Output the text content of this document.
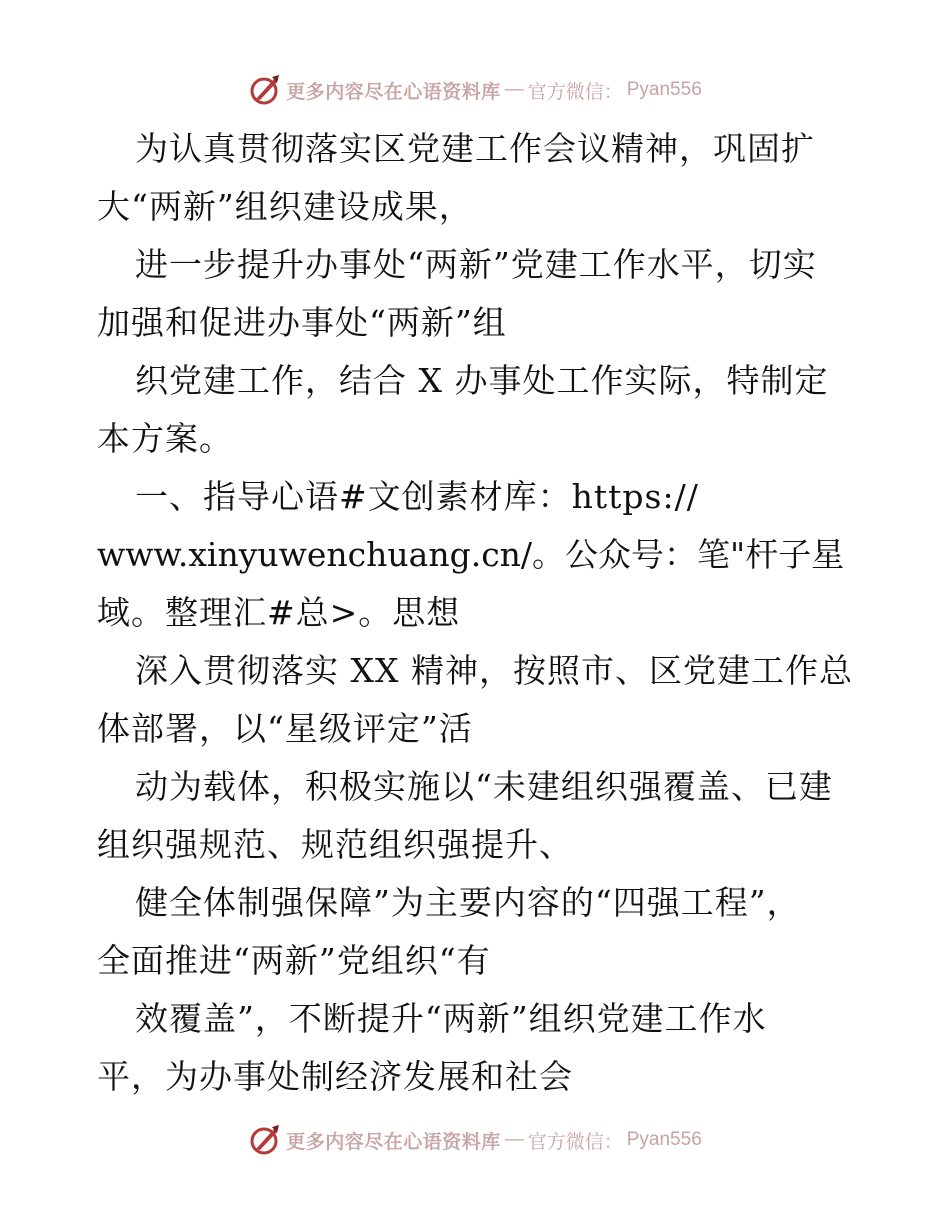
更多内容尽在心语资料库 — 官方微信： Pyan556
为认真贯彻落实区党建工作会议精神，巩固扩
大“两新”组织建设成果，
进一步提升办事处“两新”党建工作水平，切实
加强和促进办事处“两新”组
织党建工作，结合 X 办事处工作实际，特制定
本方案。
一、指导心语#文创素材库：https://
www.xinyuwenchuang.cn/。公众号：笔"杆子星
域。整理汇#总>。思想
深入贯彻落实 XX 精神，按照市、区党建工作总
体部署，以“星级评定”活
动为载体，积极实施以“未建组织强覆盖、已建
组织强规范、规范组织强提升、
健全体制强保障”为主要内容的“四强工程”，
全面推进“两新”党组织“有
效覆盖”，不断提升“两新”组织党建工作水
平，为办事处制经济发展和社会
更多内容尽在心语资料库 — 官方微信： Pyan556
